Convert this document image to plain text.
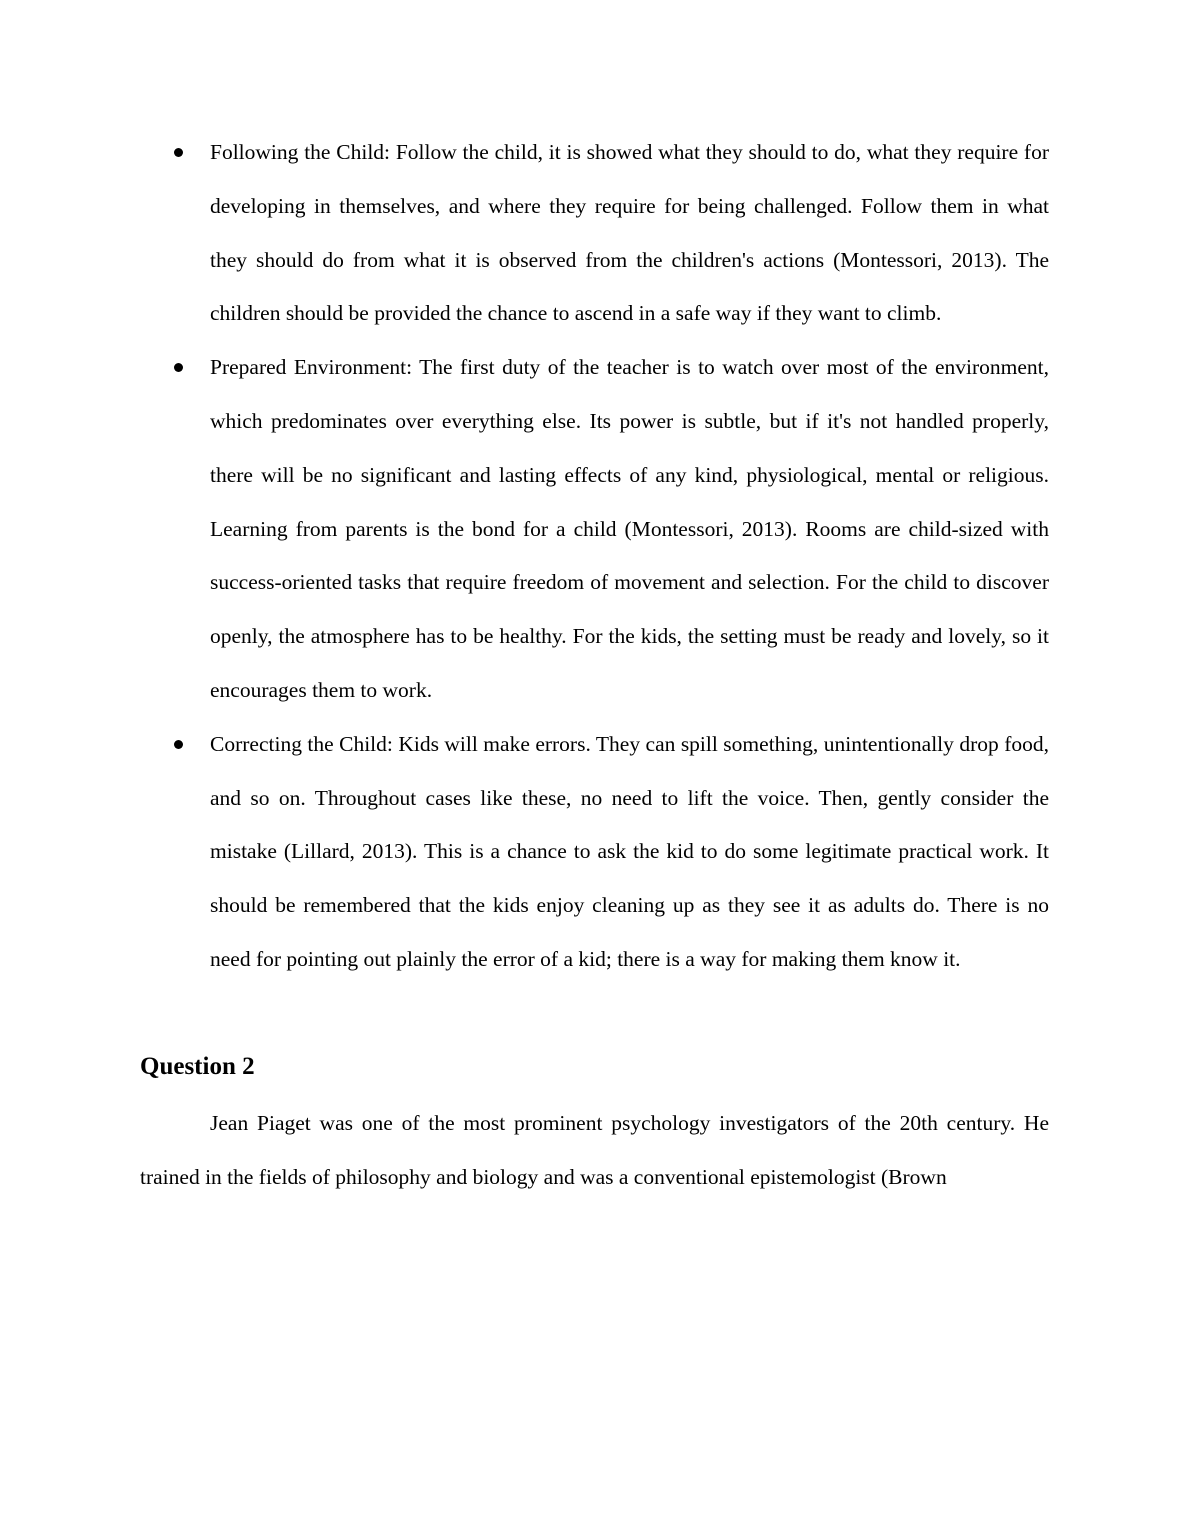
Following the Child: Follow the child, it is showed what they should to do, what they require for developing in themselves, and where they require for being challenged. Follow them in what they should do from what it is observed from the children's actions (Montessori, 2013). The children should be provided the chance to ascend in a safe way if they want to climb.
Prepared Environment: The first duty of the teacher is to watch over most of the environment, which predominates over everything else. Its power is subtle, but if it's not handled properly, there will be no significant and lasting effects of any kind, physiological, mental or religious. Learning from parents is the bond for a child (Montessori, 2013). Rooms are child-sized with success-oriented tasks that require freedom of movement and selection. For the child to discover openly, the atmosphere has to be healthy. For the kids, the setting must be ready and lovely, so it encourages them to work.
Correcting the Child: Kids will make errors. They can spill something, unintentionally drop food, and so on. Throughout cases like these, no need to lift the voice. Then, gently consider the mistake (Lillard, 2013). This is a chance to ask the kid to do some legitimate practical work. It should be remembered that the kids enjoy cleaning up as they see it as adults do. There is no need for pointing out plainly the error of a kid; there is a way for making them know it.
Question 2

Jean Piaget was one of the most prominent psychology investigators of the 20th century. He trained in the fields of philosophy and biology and was a conventional epistemologist (Brown
